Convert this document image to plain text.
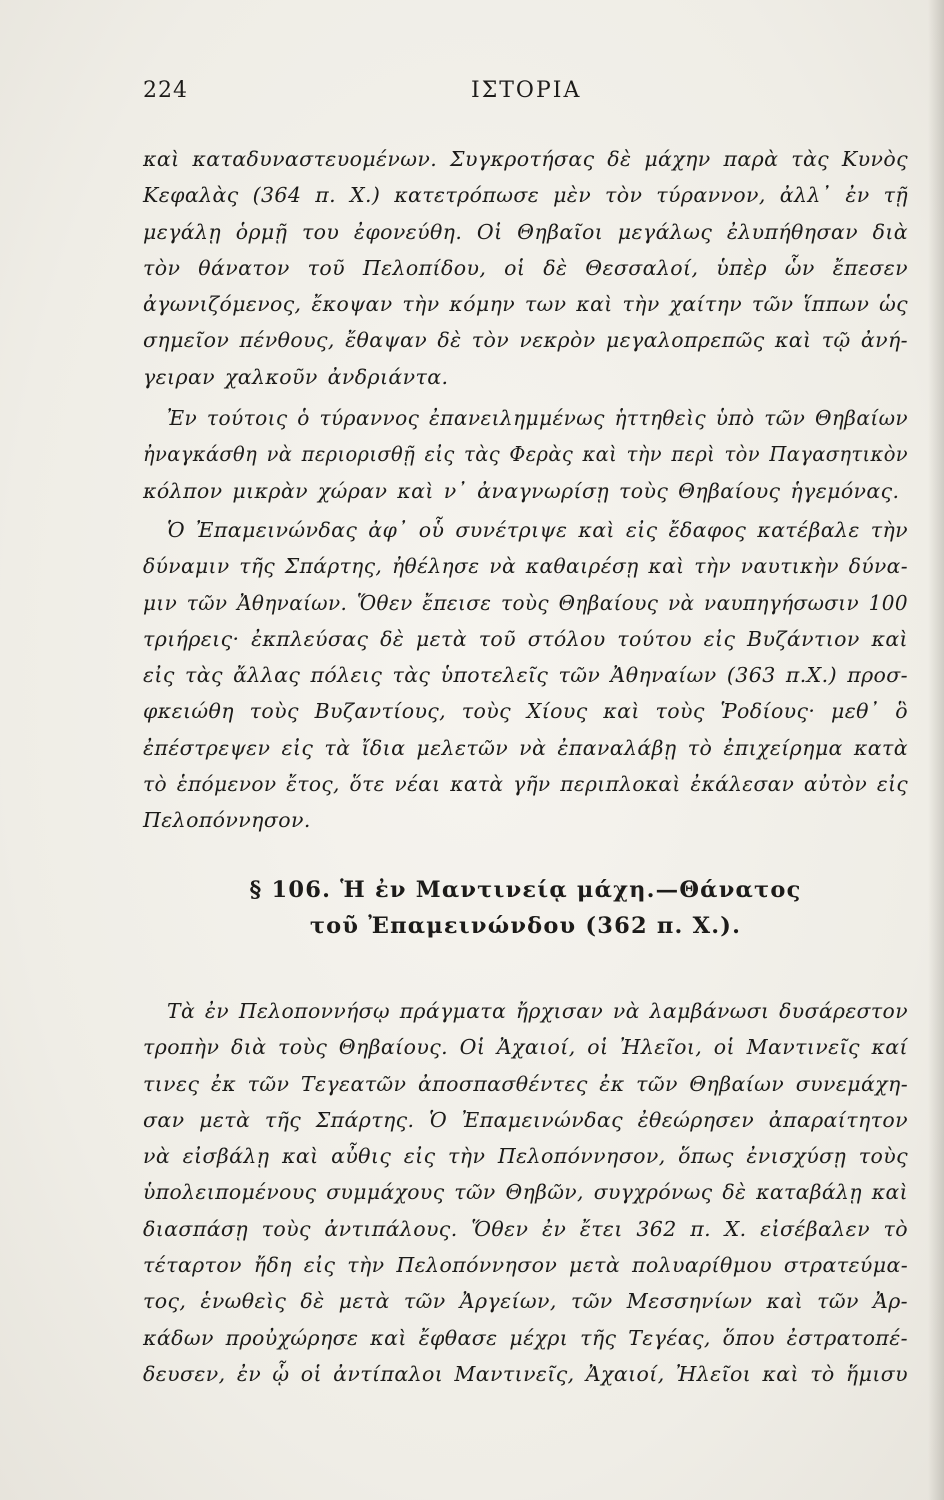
224	ΙΣΤΟΡΙΑ
καὶ καταδυναστευομένων. Συγκροτήσας δὲ μάχην παρὰ τὰς Κυνὸς
Κεφαλὰς (364 π. Χ.) κατετρόπωσε μὲν τὸν τύραννον, ἀλλ᾽ ἐν τῇ
μεγάλῃ ὁρμῇ του ἐφονεύθη. Οἱ Θηβαῖοι μεγάλως ἐλυπήθησαν διὰ
τὸν θάνατον τοῦ Πελοπίδου, οἱ δὲ Θεσσαλοί, ὑπὲρ ὧν ἔπεσεν
ἀγωνιζόμενος, ἔκοψαν τὴν κόμην των καὶ τὴν χαίτην τῶν ἵππων ὡς
σημεῖον πένθους, ἔθαψαν δὲ τὸν νεκρὸν μεγαλοπρεπῶς καὶ τῷ ἀνή-
γειραν χαλκοῦν ἀνδριάντα.
Ἐν τούτοις ὁ τύραννος ἐπανειλημμένως ἡττηθεὶς ὑπὸ τῶν Θηβαίων
ἠναγκάσθη νὰ περιορισθῇ εἰς τὰς Φερὰς καὶ τὴν περὶ τὸν Παγασητικὸν
κόλπον μικρὰν χώραν καὶ ν᾽ ἀναγνωρίσῃ τοὺς Θηβαίους ἡγεμόνας.
Ὁ Ἐπαμεινώνδας ἀφ᾽ οὗ συνέτριψε καὶ εἰς ἔδαφος κατέβαλε τὴν
δύναμιν τῆς Σπάρτης, ἠθέλησε νὰ καθαιρέσῃ καὶ τὴν ναυτικὴν δύνα-
μιν τῶν Ἀθηναίων. Ὅθεν ἔπεισε τοὺς Θηβαίους νὰ ναυπηγήσωσιν 100
τριήρεις· ἐκπλεύσας δὲ μετὰ τοῦ στόλου τούτου εἰς Βυζάντιον καὶ
εἰς τὰς ἄλλας πόλεις τὰς ὑποτελεῖς τῶν Ἀθηναίων (363 π.Χ.) προσ-
φκειώθη τοὺς Βυζαντίους, τοὺς Χίους καὶ τοὺς Ῥοδίους· μεθ᾽ ὃ
ἐπέστρεψεν εἰς τὰ ἴδια μελετῶν νὰ ἐπαναλάβῃ τὸ ἐπιχείρημα κατὰ
τὸ ἑπόμενον ἔτος, ὅτε νέαι κατὰ γῆν περιπλοκαὶ ἐκάλεσαν αὐτὸν εἰς
Πελοπόννησον.
§ 106. Ἡ ἐν Μαντινείᾳ μάχη.—Θάνατος
τοῦ Ἐπαμεινώνδου (362 π. Χ.).
Τὰ ἐν Πελοποννήσῳ πράγματα ἤρχισαν νὰ λαμβάνωσι δυσάρεστον
τροπὴν διὰ τοὺς Θηβαίους. Οἱ Ἀχαιοί, οἱ Ἠλεῖοι, οἱ Μαντινεῖς καί
τινες ἐκ τῶν Τεγεατῶν ἀποσπασθέντες ἐκ τῶν Θηβαίων συνεμάχη-
σαν μετὰ τῆς Σπάρτης. Ὁ Ἐπαμεινώνδας ἐθεώρησεν ἀπαραίτητον
νὰ εἰσβάλῃ καὶ αὖθις εἰς τὴν Πελοπόννησον, ὅπως ἐνισχύσῃ τοὺς
ὑπολειπομένους συμμάχους τῶν Θηβῶν, συγχρόνως δὲ καταβάλῃ καὶ
διασπάσῃ τοὺς ἀντιπάλους. Ὅθεν ἐν ἔτει 362 π. Χ. εἰσέβαλεν τὸ
τέταρτον ἤδη εἰς τὴν Πελοπόννησον μετὰ πολυαρίθμου στρατεύμα-
τος, ἑνωθεὶς δὲ μετὰ τῶν Ἀργείων, τῶν Μεσσηνίων καὶ τῶν Ἀρ-
κάδων προὐχώρησε καὶ ἔφθασε μέχρι τῆς Τεγέας, ὅπου ἐστρατοπέ-
δευσεν, ἐν ᾧ οἱ ἀντίπαλοι Μαντινεῖς, Ἀχαιοί, Ἠλεῖοι καὶ τὸ ἥμισυ
